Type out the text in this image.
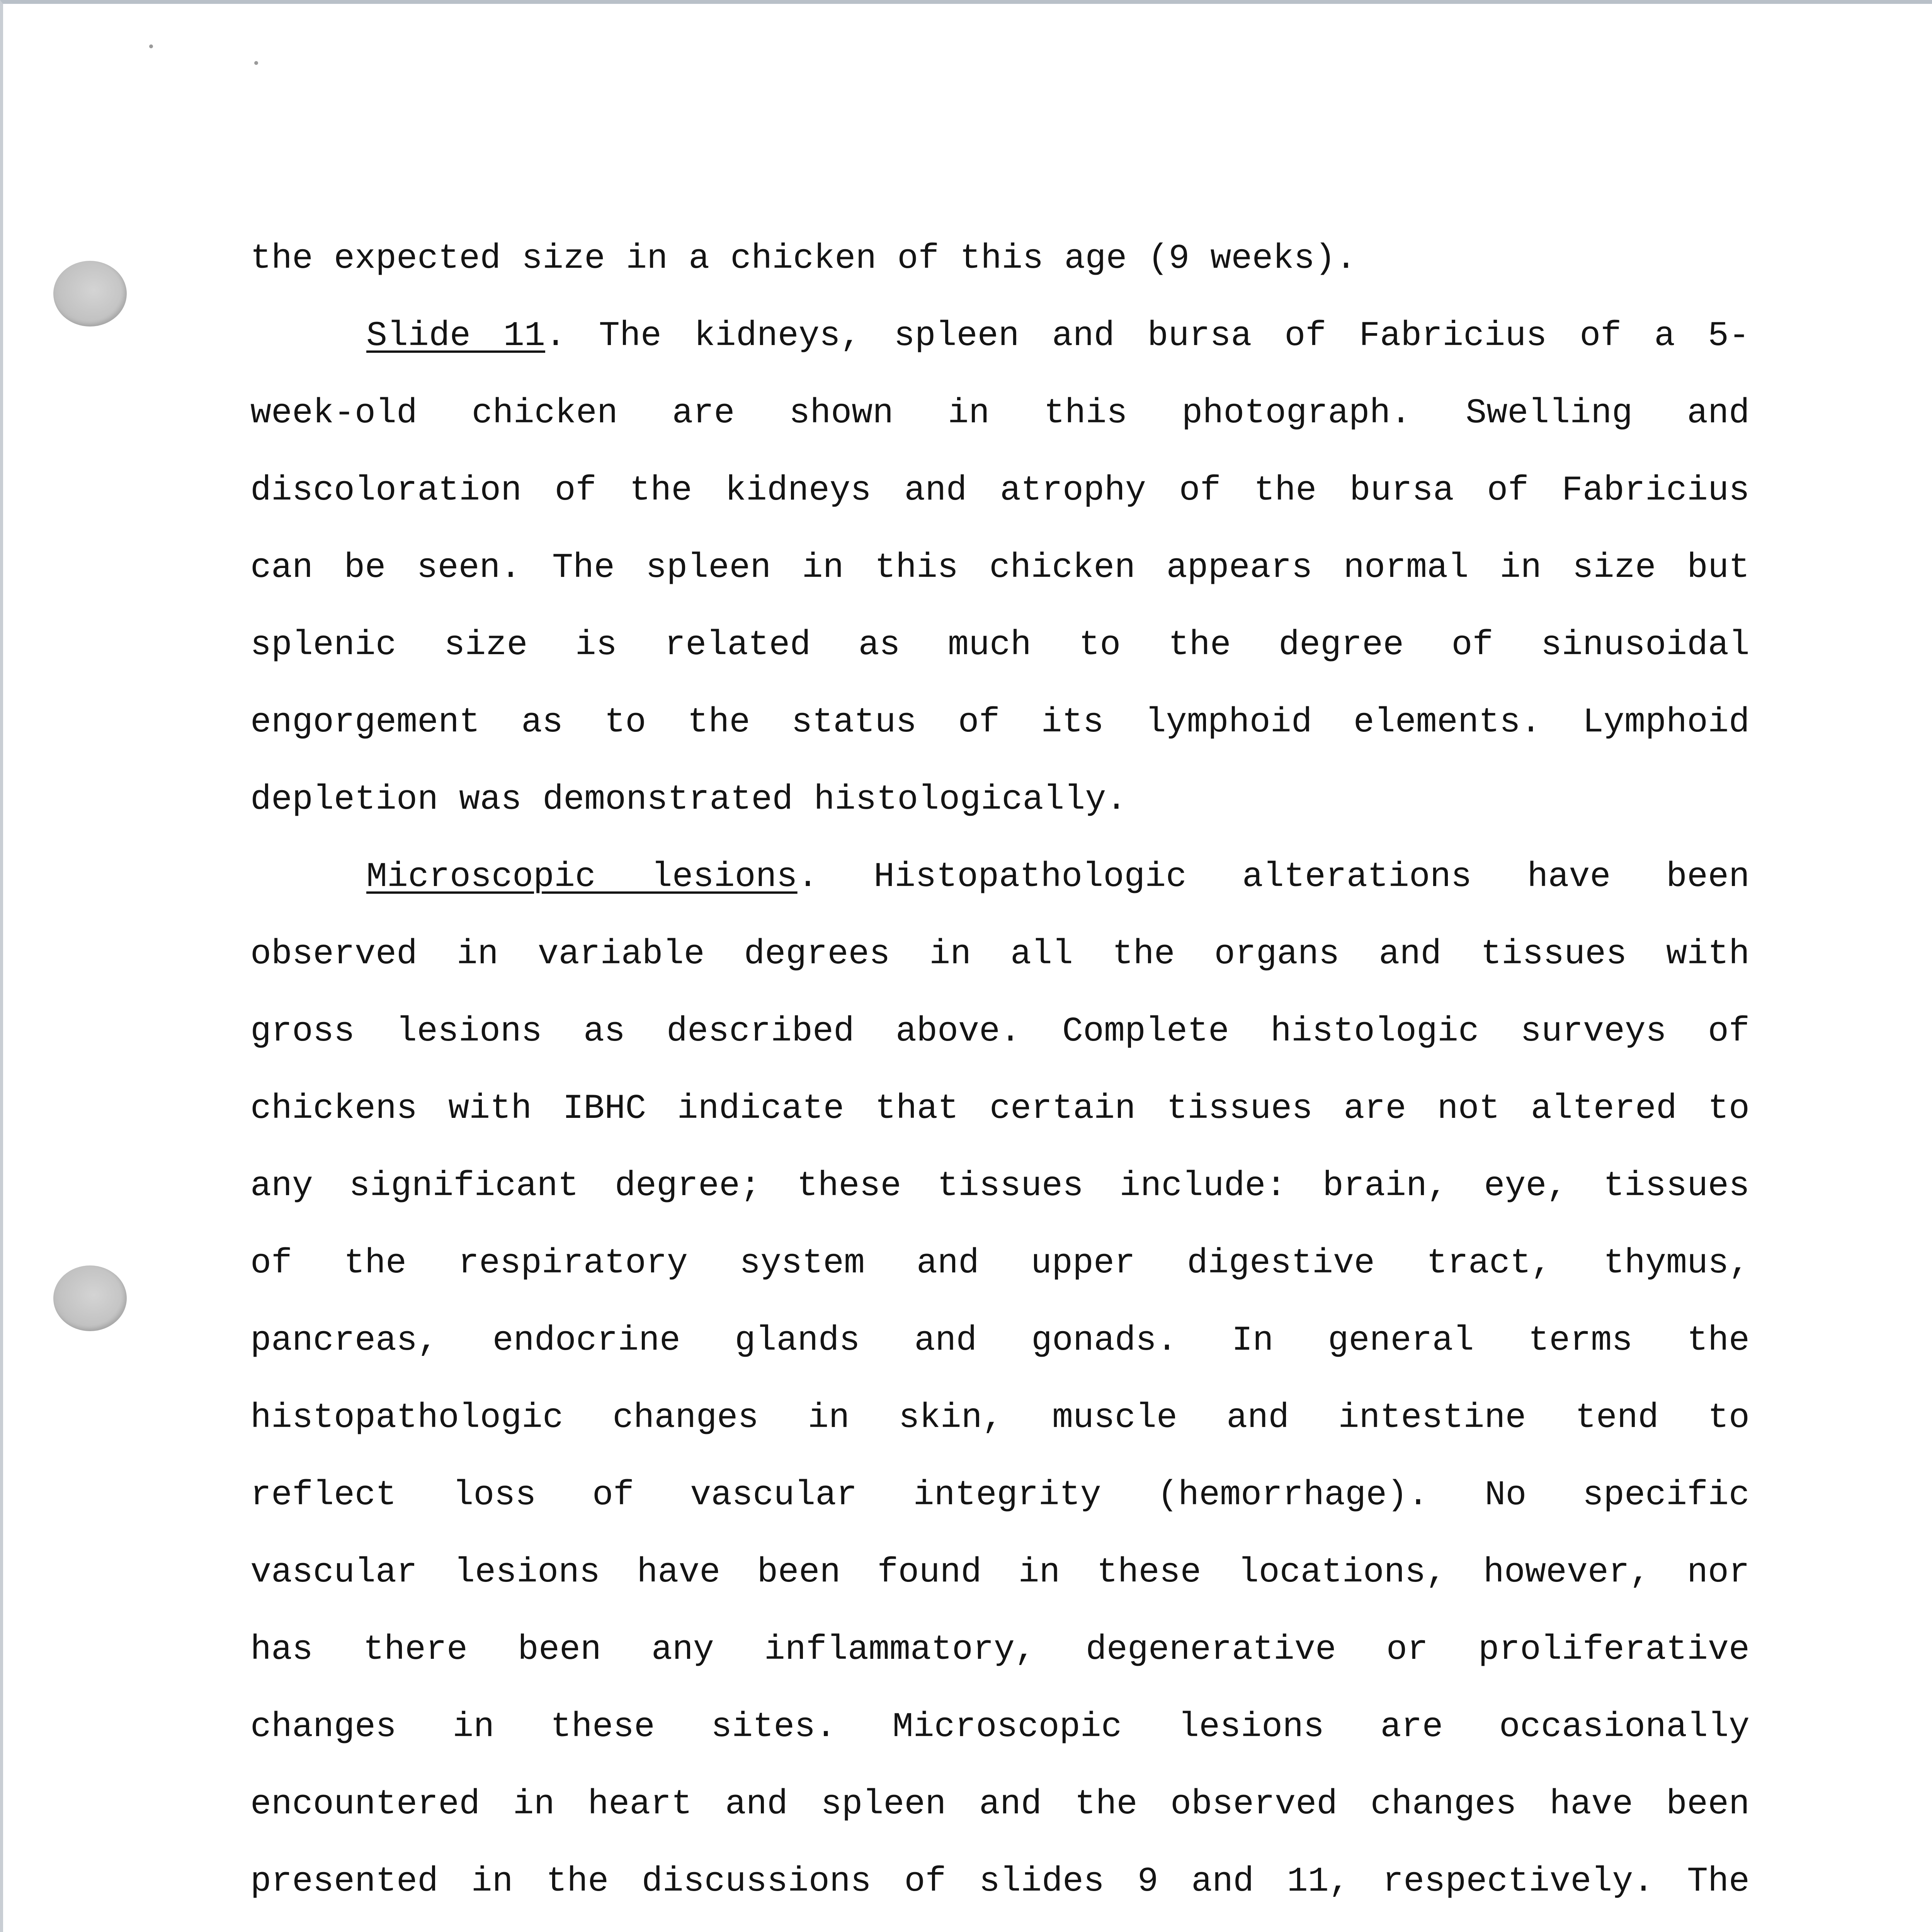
the expected size in a chicken of this age (9 weeks).
Slide 11. The kidneys, spleen and bursa of Fabricius of a 5-
week-old chicken are shown in this photograph. Swelling and
discoloration of the kidneys and atrophy of the bursa of Fabricius
can be seen. The spleen in this chicken appears normal in size but
splenic size is related as much to the degree of sinusoidal
engorgement as to the status of its lymphoid elements. Lymphoid
depletion was demonstrated histologically.
Microscopic lesions. Histopathologic alterations have been
observed in variable degrees in all the organs and tissues with
gross lesions as described above. Complete histologic surveys of
chickens with IBHC indicate that certain tissues are not altered to
any significant degree; these tissues include: brain, eye, tissues
of the respiratory system and upper digestive tract, thymus,
pancreas, endocrine glands and gonads. In general terms the
histopathologic changes in skin, muscle and intestine tend to
reflect loss of vascular integrity (hemorrhage). No specific
vascular lesions have been found in these locations, however, nor
has there been any inflammatory, degenerative or proliferative
changes in these sites. Microscopic lesions are occasionally
encountered in heart and spleen and the observed changes have been
presented in the discussions of slides 9 and 11, respectively. The
